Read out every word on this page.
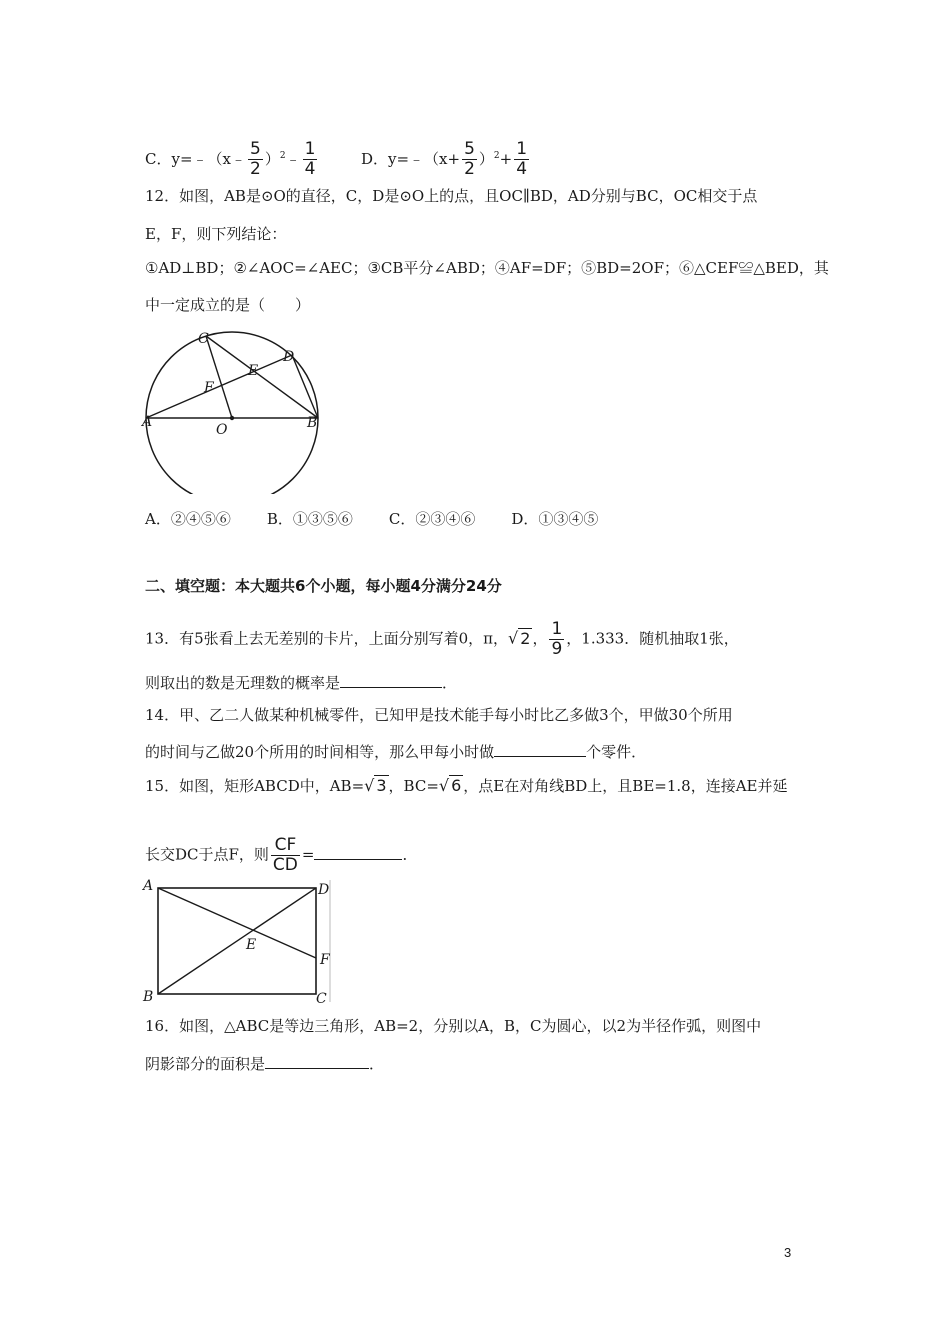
C．y=﹣（x﹣ $\frac{5}{2}$ ）$^2$﹣ $\frac{1}{4}$	D．y=﹣（x+ $\frac{5}{2} )^2+ \frac{1}{4}$
12．如图，AB是⊙O的直径，C，D是⊙O上的点，且OC∥BD，AD分别与BC，OC相交于点
E，F，则下列结论：
①AD⊥BD；②∠AOC=∠AEC；③CB平分∠ABD；④AF=DF；⑤BD=2OF；⑥△CEF≌△BED，其
中一定成立的是（　　）
C
D
E
F
A	O	B
A．②④⑤⑥ B．①③⑤⑥ C．②③④⑥ D．①③④⑤
二、填空题：本大题共6个小题，每小题4分满分24分
13．有5张看上去无差别的卡片，上面分别写着0，π，√ 2 ， $\frac{1}{9}$ ，1.333．随机抽取1张，
则取出的数是无理数的概率是	．
14．甲、乙二人做某种机械零件，已知甲是技术能手每小时比乙多做3个，甲做30个所用
的时间与乙做20个所用的时间相等，那么甲每小时做	个零件．
15．如图，矩形ABCD中，AB=√ 3 ，BC=√ 6 ，点E在对角线BD上，且BE=1.8，连接AE并延
长交DC于点F，则 $\frac{CF}{CD}$ =	．
A	D
E
F
B	C
16．如图，△ABC是等边三角形，AB=2，分别以A，B，C为圆心，以2为半径作弧，则图中
阴影部分的面积是	．
3
